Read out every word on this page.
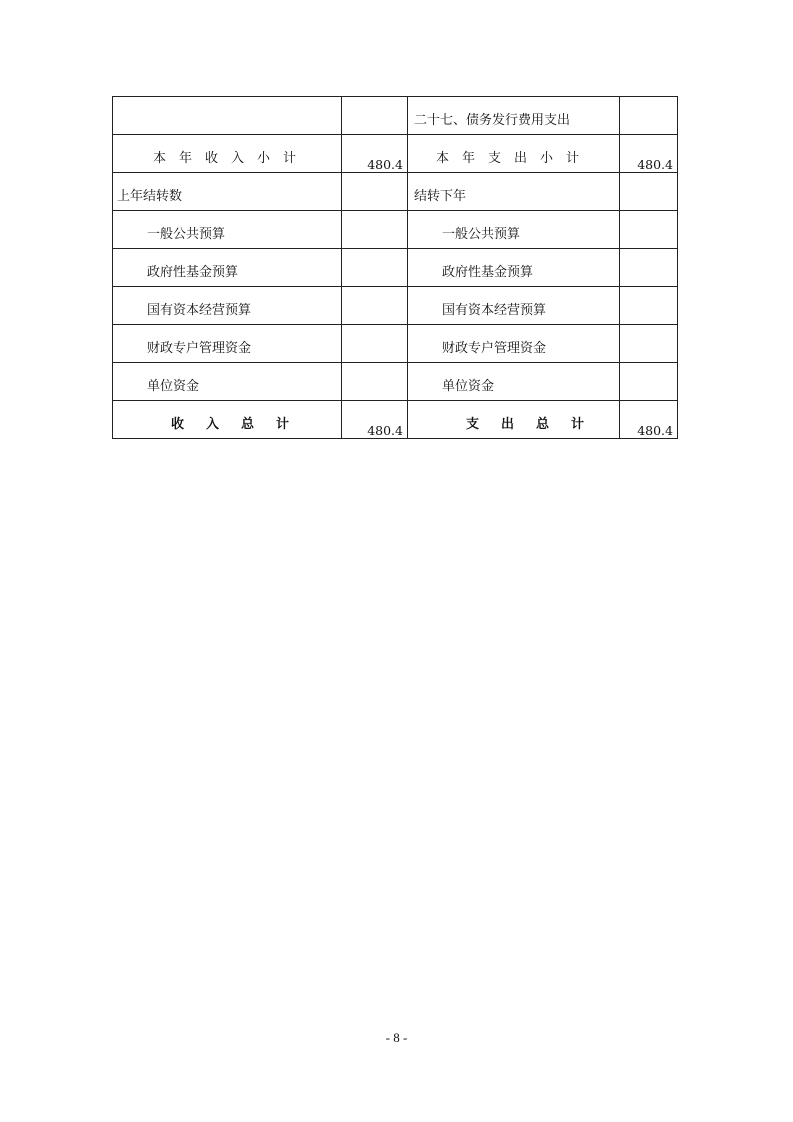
		二十七、债务发行费用支出	

本年收入小计	480.4	本年支出小计	480.4

上年结转数		结转下年	

一般公共预算		一般公共预算	

政府性基金预算		政府性基金预算	

国有资本经营预算		国有资本经营预算	

财政专户管理资金		财政专户管理资金	

单位资金		单位资金	

收入总计	480.4	支出总计	480.4
- 8 -
